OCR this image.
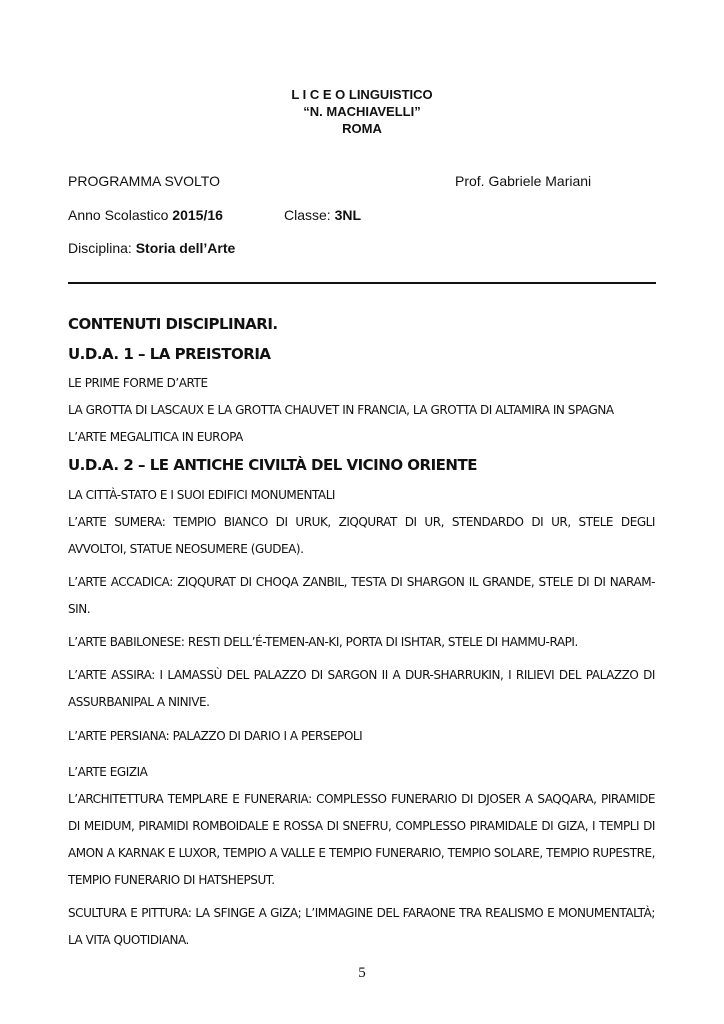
L I C E O LINGUISTICO
“N. MACHIAVELLI”
ROMA
PROGRAMMA SVOLTO	Prof. Gabriele Mariani
Anno Scolastico 2015/16	Classe: 3NL
Disciplina: Storia dell’Arte
CONTENUTI DISCIPLINARI.
U.D.A. 1 – LA PREISTORIA
LE PRIME FORME D’ARTE
LA GROTTA DI LASCAUX E LA GROTTA CHAUVET IN FRANCIA, LA GROTTA DI ALTAMIRA IN SPAGNA
L’ARTE MEGALITICA IN EUROPA
U.D.A. 2 – LE ANTICHE CIVILTÀ DEL VICINO ORIENTE
LA CITTÀ-STATO E I SUOI EDIFICI MONUMENTALI
L’ARTE SUMERA: TEMPIO BIANCO DI URUK, ZIQQURAT DI UR, STENDARDO DI UR, STELE DEGLI AVVOLTOI, STATUE NEOSUMERE (GUDEA).
L’ARTE ACCADICA: ZIQQURAT DI CHOQA ZANBIL, TESTA DI SHARGON IL GRANDE, STELE DI DI NARAM-SIN.
L’ARTE BABILONESE: RESTI DELL’É-TEMEN-AN-KI, PORTA DI ISHTAR, STELE DI HAMMU-RAPI.
L’ARTE ASSIRA: I LAMASSÙ DEL PALAZZO DI SARGON II A DUR-SHARRUKIN, I RILIEVI DEL PALAZZO DI ASSURBANIPAL A NINIVE.
L’ARTE PERSIANA: PALAZZO DI DARIO I A PERSEPOLI
L’ARTE EGIZIA
L’ARCHITETTURA TEMPLARE E FUNERARIA: COMPLESSO FUNERARIO DI DJOSER A SAQQARA, PIRAMIDE DI MEIDUM, PIRAMIDI ROMBOIDALE E ROSSA DI SNEFRU, COMPLESSO PIRAMIDALE DI GIZA, I TEMPLI DI AMON A KARNAK E LUXOR, TEMPIO A VALLE E TEMPIO FUNERARIO, TEMPIO SOLARE, TEMPIO RUPESTRE, TEMPIO FUNERARIO DI HATSHEPSUT.
SCULTURA E PITTURA: LA SFINGE A GIZA; L’IMMAGINE DEL FARAONE TRA REALISMO E MONUMENTALTÀ; LA VITA QUOTIDIANA.
5
